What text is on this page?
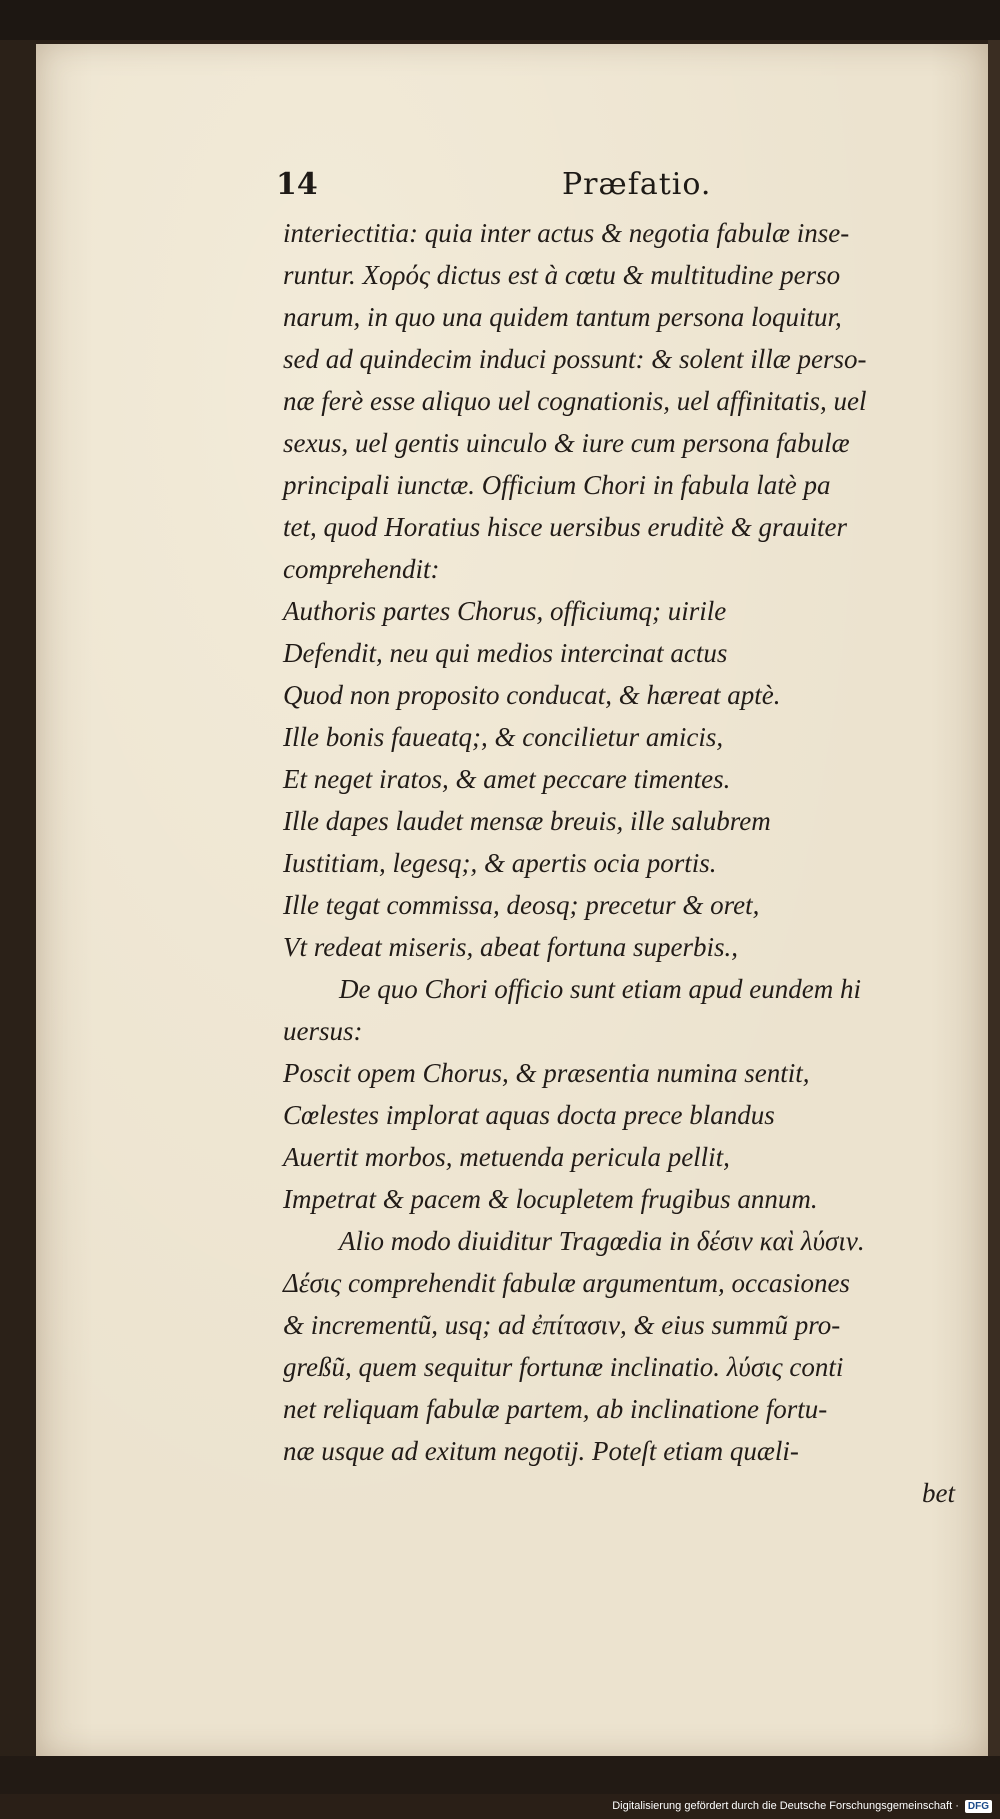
14	Præfatio.
interiectitia: quia inter actus & negotia fabulæ inse-
runtur. Χορός dictus est à cœtu & multitudine perso
narum, in quo una quidem tantum persona loquitur,
sed ad quindecim induci possunt: & solent illæ perso-
næ ferè esse aliquo uel cognationis, uel affinitatis, uel
sexus, uel gentis uinculo & iure cum persona fabulæ
principali iunctæ. Officium Chori in fabula latè pa
tet, quod Horatius hisce uersibus eruditè & grauiter
comprehendit:
Authoris partes Chorus, officiumq; uirile
Defendit, neu qui medios intercinat actus
Quod non proposito conducat, & hæreat aptè.
Ille bonis faueatq;, & concilietur amicis,
Et neget iratos, & amet peccare timentes.
Ille dapes laudet mensæ breuis, ille salubrem
Iustitiam, legesq;, & apertis ocia portis.
Ille tegat commissa, deosq; precetur & oret,
Vt redeat miseris, abeat fortuna superbis.,
De quo Chori officio sunt etiam apud eundem hi
uersus:
Poscit opem Chorus, & præsentia numina sentit,
Cœlestes implorat aquas docta prece blandus
Auertit morbos, metuenda pericula pellit,
Impetrat & pacem & locupletem frugibus annum.
Alio modo diuiditur Tragœdia in δέσιν καὶ λύσιν.
Δέσις comprehendit fabulæ argumentum, occasiones
& incrementũ, usq; ad ἐπίτασιν, & eius summũ pro-
greßũ, quem sequitur fortunæ inclinatio. λύσις conti
net reliquam fabulæ partem, ab inclinatione fortu-
næ usque ad exitum negotij. Poteſt etiam quæli-
bet
Digitalisierung gefördert durch die Deutsche Forschungsgemeinschaft · DFG
